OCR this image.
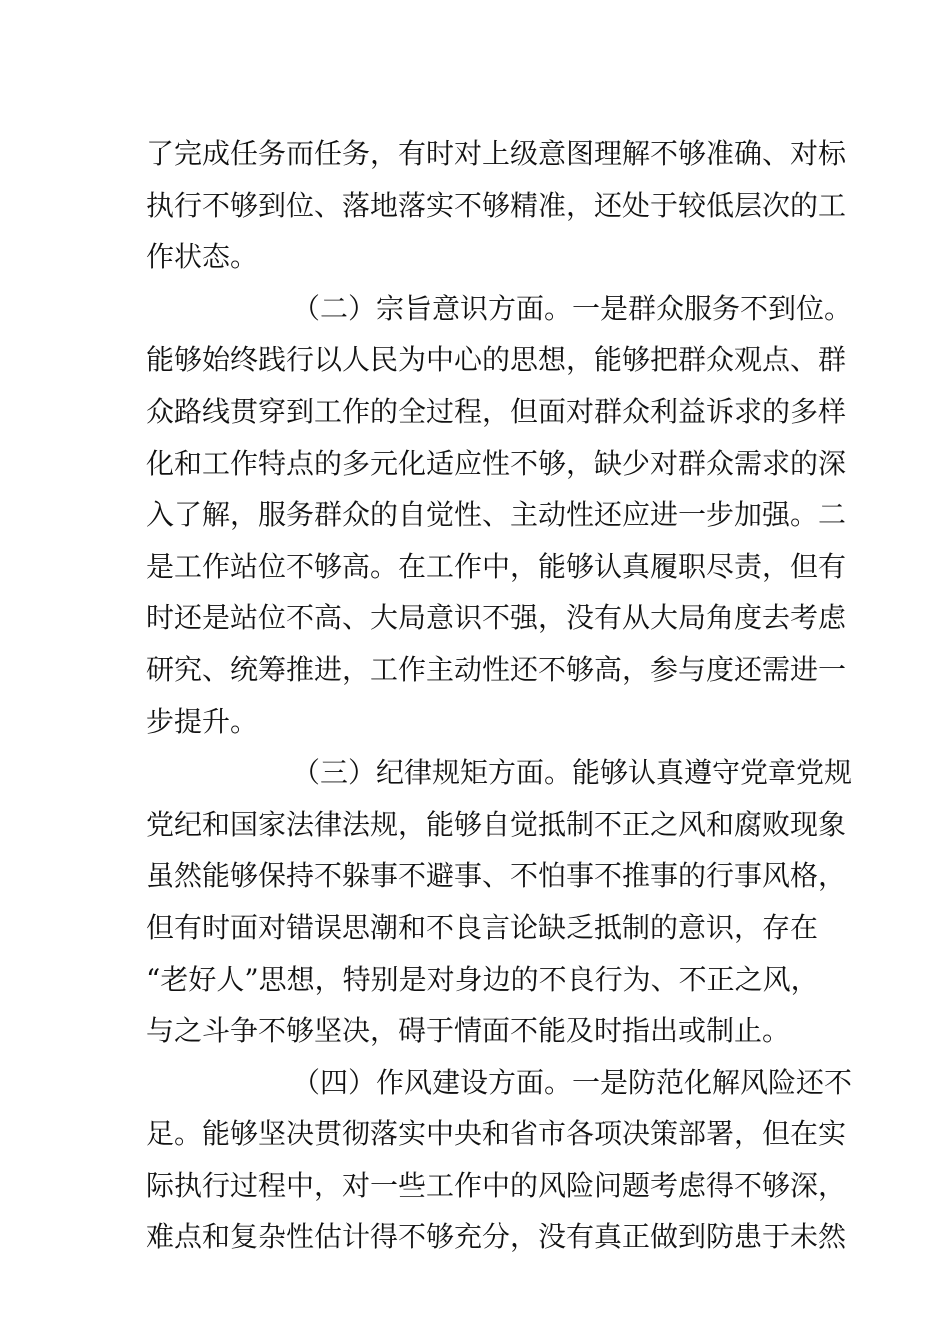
了完成任务而任务，有时对上级意图理解不够准确、对标
执行不够到位、落地落实不够精准，还处于较低层次的工
作状态。
（二）宗旨意识方面。一是群众服务不到位。
能够始终践行以人民为中心的思想，能够把群众观点、群
众路线贯穿到工作的全过程，但面对群众利益诉求的多样
化和工作特点的多元化适应性不够，缺少对群众需求的深
入了解，服务群众的自觉性、主动性还应进一步加强。二
是工作站位不够高。在工作中，能够认真履职尽责，但有
时还是站位不高、大局意识不强，没有从大局角度去考虑
研究、统筹推进，工作主动性还不够高，参与度还需进一
步提升。
（三）纪律规矩方面。能够认真遵守党章党规
党纪和国家法律法规，能够自觉抵制不正之风和腐败现象
虽然能够保持不躲事不避事、不怕事不推事的行事风格，
但有时面对错误思潮和不良言论缺乏抵制的意识，存在
“老好人”思想，特别是对身边的不良行为、不正之风，
与之斗争不够坚决，碍于情面不能及时指出或制止。
（四）作风建设方面。一是防范化解风险还不
足。能够坚决贯彻落实中央和省市各项决策部署，但在实
际执行过程中，对一些工作中的风险问题考虑得不够深，
难点和复杂性估计得不够充分，没有真正做到防患于未然
